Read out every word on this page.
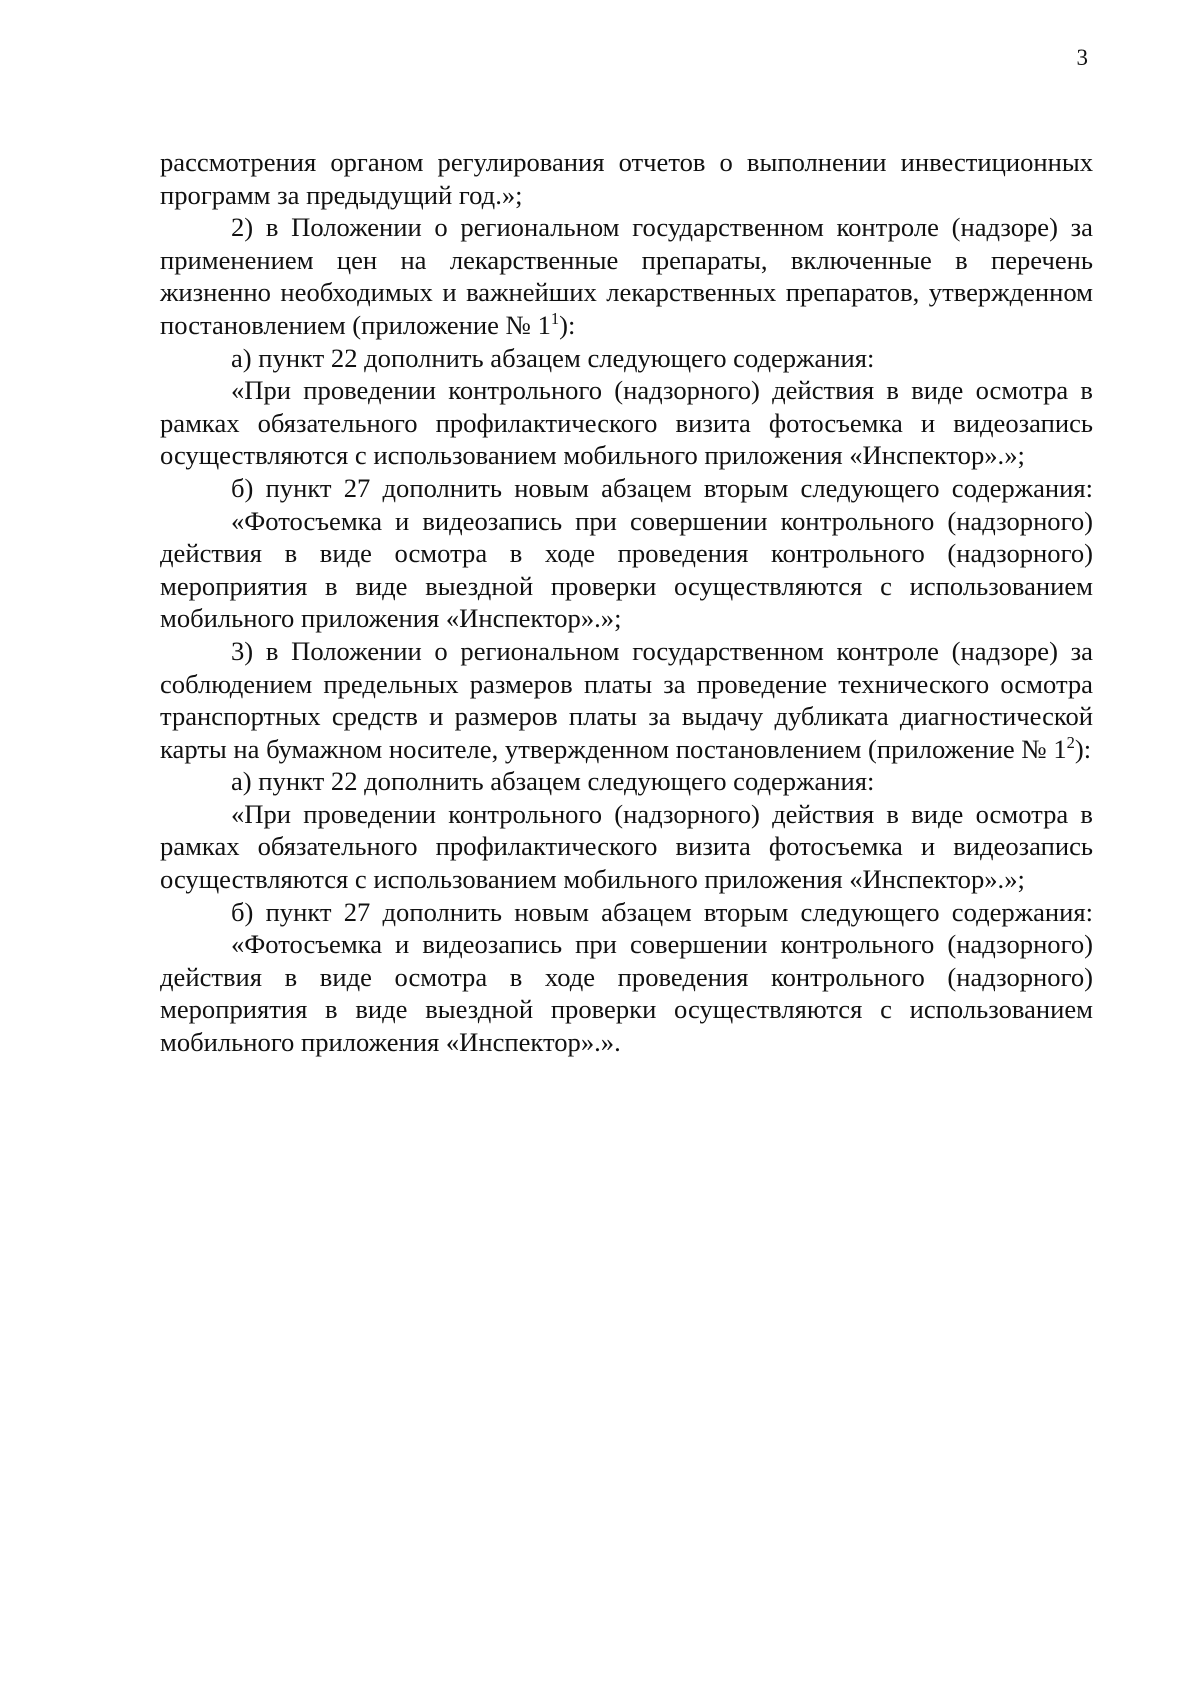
3

рассмотрения органом регулирования отчетов о выполнении инвестиционных программ за предыдущий год.»;

2) в Положении о региональном государственном контроле (надзоре) за применением цен на лекарственные препараты, включенные в перечень жизненно необходимых и важнейших лекарственных препаратов, утвержденном постановлением (приложение № $1^1$):

а) пункт 22 дополнить абзацем следующего содержания:

«При проведении контрольного (надзорного) действия в виде осмотра в рамках обязательного профилактического визита фотосъемка и видеозапись осуществляются с использованием мобильного приложения «Инспектор».»;

б) пункт 27 дополнить новым абзацем вторым следующего содержания:

«Фотосъемка и видеозапись при совершении контрольного (надзорного) действия в виде осмотра в ходе проведения контрольного (надзорного) мероприятия в виде выездной проверки осуществляются с использованием мобильного приложения «Инспектор».»;

3) в Положении о региональном государственном контроле (надзоре) за соблюдением предельных размеров платы за проведение технического осмотра транспортных средств и размеров платы за выдачу дубликата диагностической карты на бумажном носителе, утвержденном постановлением (приложение № $1^2$):

а) пункт 22 дополнить абзацем следующего содержания:

«При проведении контрольного (надзорного) действия в виде осмотра в рамках обязательного профилактического визита фотосъемка и видеозапись осуществляются с использованием мобильного приложения «Инспектор».»;

б) пункт 27 дополнить новым абзацем вторым следующего содержания:

«Фотосъемка и видеозапись при совершении контрольного (надзорного) действия в виде осмотра в ходе проведения контрольного (надзорного) мероприятия в виде выездной проверки осуществляются с использованием мобильного приложения «Инспектор».».
